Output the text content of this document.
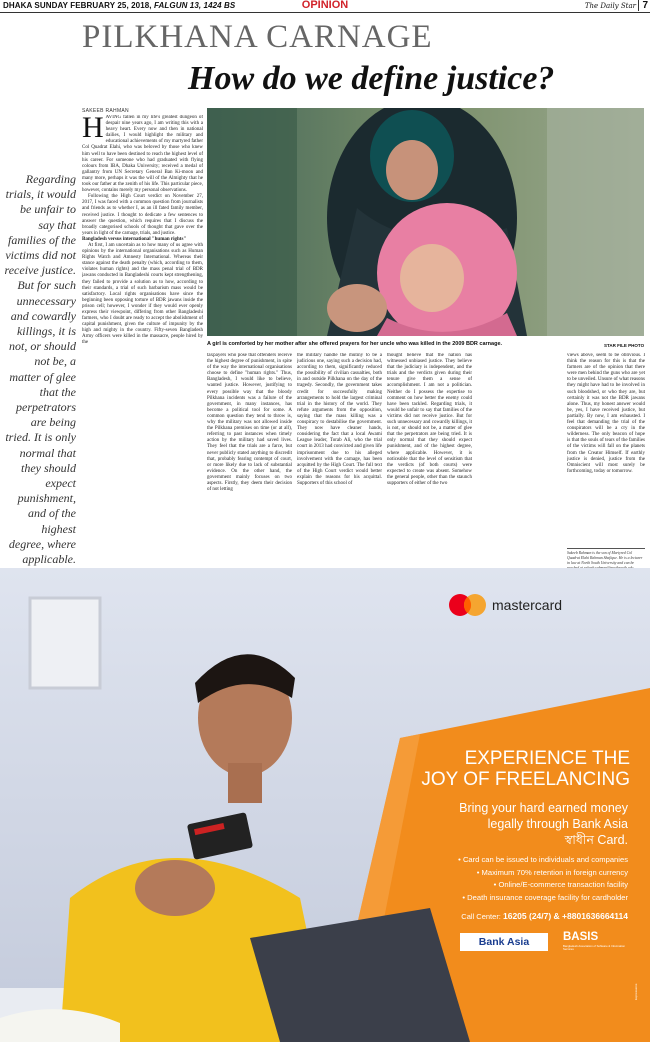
DHAKA SUNDAY FEBRUARY 25, 2018, FALGUN 13, 1424 BS	OPINION	The Daily Star 7
PILKHANA CARNAGE
How do we define justice?
SAKEEB RAHMAN
Regarding trials, it would be unfair to say that families of the victims did not receive justice. But for such unnecessary and cowardly killings, it is not, or should not be, a matter of glee that the perpetrators are being tried. It is only normal that they should expect punishment, and of the highest degree, where applicable.
H AVING fallen in my life's greatest dungeon of despair nine years ago, I am writing this with a heavy heart. Every now and then in national dailies, I would highlight the military and educational achievements of my martyred father Col Quadrat Elahi, who was beloved by those who knew him well to have been destined to reach the highest level of his career. For someone who had graduated with flying colours from IBA, Dhaka University; received a medal of gallantry from UN Secretary General Ban Ki-moon and many more, perhaps it was the will of the Almighty that he took our father at the zenith of his life. This particular piece, however, contains merely my personal observations.

Following the High Court verdict on November 27, 2017, I was faced with a common question from journalists and friends as to whether I, as an ill fated family member, received justice. I thought to dedicate a few sentences to answer the question, which requires that I discuss the broadly categorised schools of thought that gave over the years in light of the carnage, trials, and justice.

Bangladesh versus international "human rights"

At first, I am uncertain as to how many of us agree with opinions by the international organisations such as Human Rights Watch and Amnesty International. Whereas their stance against the death penalty (which, according to them, violates human rights) and the mass penal trial of BDR jawans conducted in Bangladeshi courts kept strengthening, they failed to provide a solution as to how, according to their standards, a trial of such barbarism mass would be satisfactory. Local rights organisations have since the beginning been opposing torture of BDR jawans inside the prison cell; however, I wonder if they would ever openly express their viewpoint, differing from other Bangladeshi farmers, who I doubt are ready to accept the abolishment of capital punishment, given the culture of impunity by the high and mighty in the country. Fifty-seven Bangladesh Army officers were killed in the massacre, people hired by the	A girl is comforted by her mother after she offered prayers for her uncle who was killed in the 2009 BDR carnage.	STAR FILE PHOTO

taxpayers who pose that offenders receive the highest degree of punishment, in spite of the way the international organisations choose to define "human rights." Thus, Bangladesh, I would like to believe, wanted justice. However, justifying to every possible way that the bloody Pilkhana incidents was a failure of the government, in many instances, has become a political tool for some. A common question they tend to throw is, why the military was not allowed inside the Pilkhana premises on time (or at all), referring to past instances when timely action by the military had saved lives. They feel that the trials are a farce, but never publicly stated anything to discredit that, probably fearing contempt of court, or more likely due to lack of substantial evidence. On the other hand, the government mainly focuses on two aspects. Firstly, they deem their decision of not letting

the military handle the mutiny to be a judicious one, saying such a decision had, according to them, significantly reduced the possibility of civilian casualties, both in and outside Pilkhana on the day of the tragedy. Secondly, the government takes credit for successfully making arrangements to hold the largest criminal trial in the history of the world. They refute arguments from the opposition, saying that the mass killing was a conspiracy to destabilise the government. They now have cleaner hands, considering the fact that a local Awami League leader, Torab Ali, who the trial court in 2013 had convicted and given life imprisonment due to his alleged involvement with the carnage, has been acquitted by the High Court. The full text of the High Court verdict would better explain the reasons for his acquittal. Supporters of this school of

thought believe that the nation has witnessed unbiased justice. They believe that the judiciary is independent, and the trials and the verdicts given during their tenure give them a sense of accomplishment. I am not a politician. Neither do I possess the expertise to comment on how better the enemy could have been tackled. Regarding trials, it would be unfair to say that families of the victims did not receive justice. But for such unnecessary and cowardly killings, it is not, or should not be, a matter of glee that the perpetrators are being tried. It is only normal that they should expect punishment, and of the highest degree, where applicable. However, it is noticeable that the level of sensitism that the verdicts (of both courts) were expected to create was absent. Somehow the general people, other than the staunch supporters of either of the two

views above, seem to be oblivious. I think the reason for this is that the farmers are of the opinion that there were men behind the guns who are yet to be unveiled. Unsure of what reasons they might have had to be involved in such bloodshed, or who they are, but certainly it was not the BDR jawans alone. Thus, my honest answer would be, yes, I have received justice, but partially. By now, I am exhausted. I feel that demanding the trial of the conspirators will be a cry in the wilderness. The only beacon of hope is that the souls of tears of the families of the victims will fall on the planets from the Creator Himself. If earthly justice is denied, justice from the Omniscient will most surely be forthcoming, today or tomorrow.

Sakeeb Rahman is the son of Martyred Col Quadrat Elahi Rahman Shafique. He is a lecturer in law at North South University and can be
mastercard
EXPERIENCE THE
JOY OF FREELANCING
Bring your hard earned money
legally through Bank Asia
স্বাধীন Card.
• Card can be issued to individuals and companies
• Maximum 70% retention in foreign currency
• Online/E-commerce transaction facility
• Death insurance coverage facility for cardholder
Call Center: 16205 (24/7) & +8801636664114
Bank Asia	BASIS
Bangladesh Association of Software & Information Services
Expressions
